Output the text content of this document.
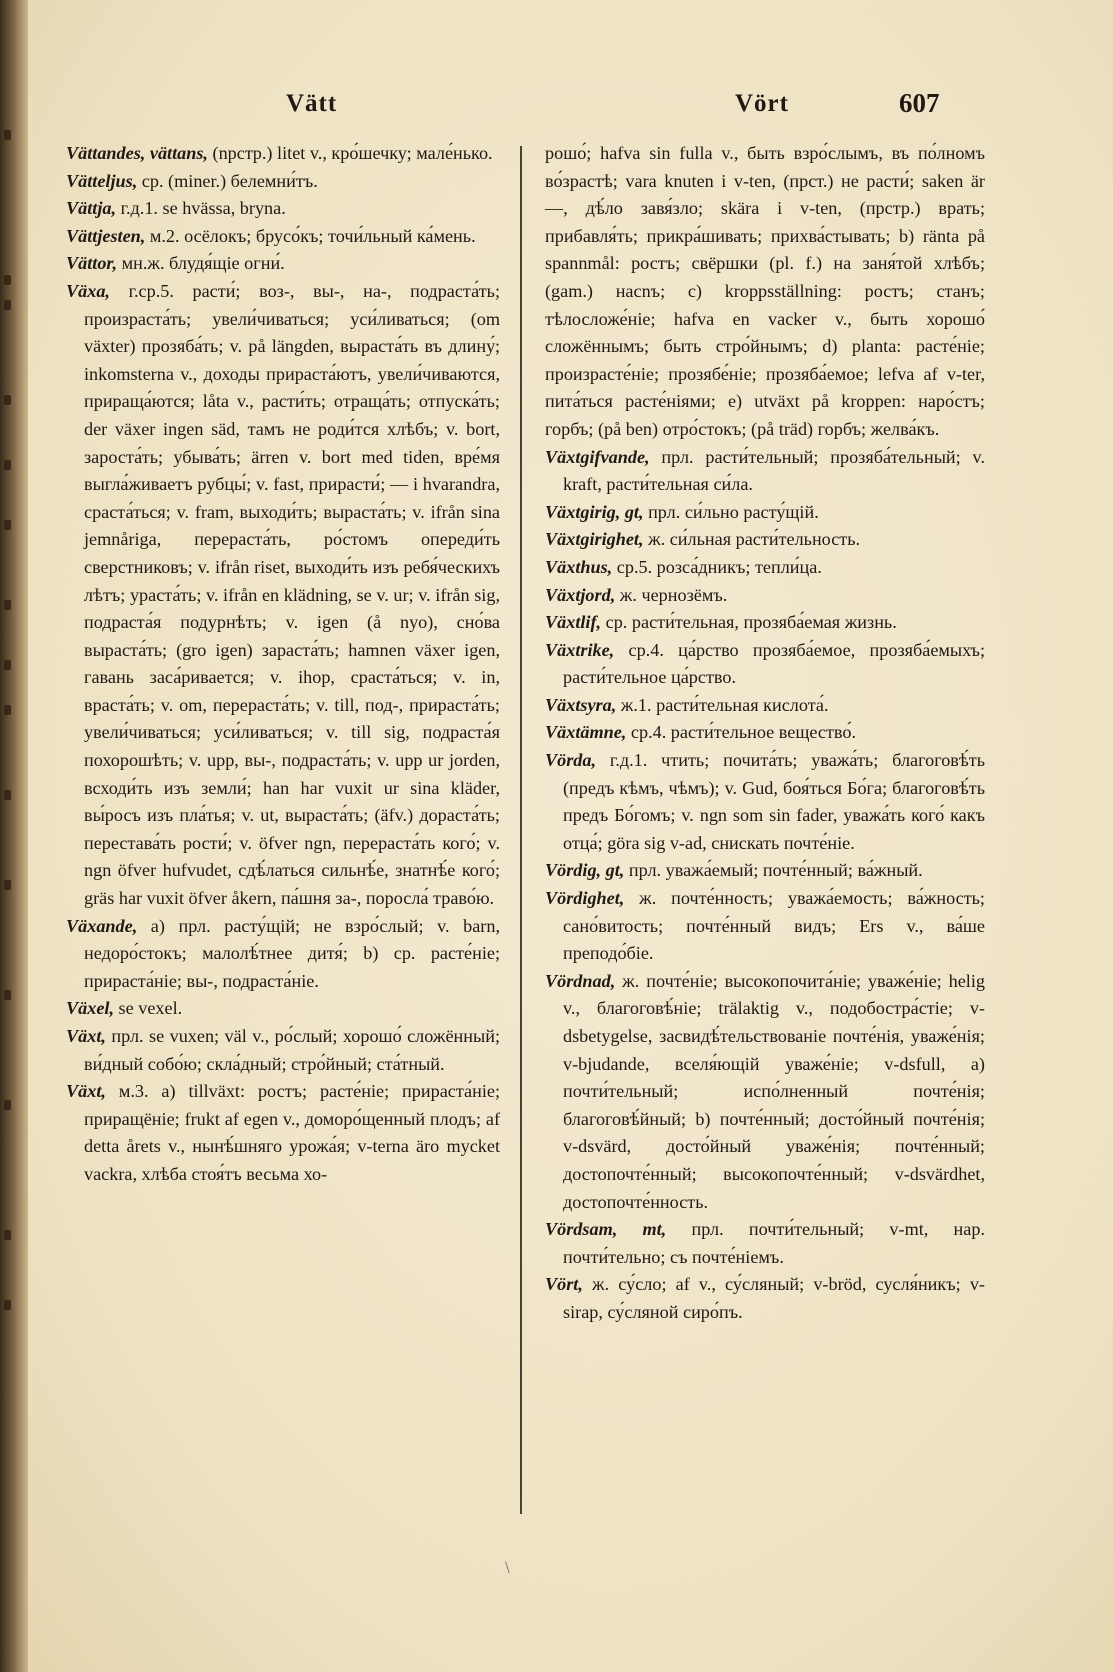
Vätt	Vört	607

Vättandes, vättans, (npстp.) litet v., кро́шечку; мале́нько.

Vätteljus, cp. (miner.) белемни́тъ.

Vättja, г.д.1. se hvässa, bryna.

Vättjesten, м.2. осёлокъ; брусо́къ; точи́льный ка́мень.

Vättor, мн.ж. блудя́щіе огни́.

Växa, г.ср.5. расти́; воз-, вы-, на-, подраста́ть; произраста́ть; увели́чиваться; уси́ливаться; (om växter) прозяба́ть; v. på längden, выраста́ть въ длину́; inkomsterna v., доходы прираста́ютъ, увели́чиваются, прираща́ются; låta v., расти́ть; отраща́ть; отпуска́ть; der växer ingen säd, тамъ не роди́тся хлѣбъ; v. bort, зароста́ть; убыва́ть; ärren v. bort med tiden, вре́мя выгла́живаетъ рубцы́; v. fast, прирасти́; — i hvarandra, сраста́ться; v. fram, выходи́ть; выраста́ть; v. ifrån sina jemnåriga, перераста́ть, ро́стомъ опереди́ть сверстниковъ; v. ifrån riset, выходи́ть изъ ребя́ческихъ лѣтъ; ураста́ть; v. ifrån en klädning, se v. ur; v. ifrån sig, подраста́я подурнѣть; v. igen (å nyo), сно́ва выраста́ть; (gro igen) зараста́ть; hamnen växer igen, гавань заса́ривается; v. ihop, сраста́ться; v. in, враста́ть; v. om, перераста́ть; v. till, под-, прираста́ть; увели́чиваться; уси́ливаться; v. till sig, подраста́я похорошѣть; v. upp, вы-, подраста́ть; v. upp ur jorden, всходи́ть изъ земли́; han har vuxit ur sina kläder, вы́росъ изъ пла́тья; v. ut, выраста́ть; (äfv.) дораста́ть; перестава́ть рости́; v. öfver ngn, перераста́ть кого́; v. ngn öfver hufvudet, сдѣ́латься сильнѣ́е, знатнѣ́е кого́; gräs har vuxit öfver åkern, па́шня за-, поросла́ траво́ю.

Växande, a) прл. расту́щій; не взро́слый; v. barn, недоро́стокъ; малолѣ́тнее дитя́; b) ср. расте́ніе; прираста́ніе; вы-, подраста́ніе.

Växel, se vexel.

Växt, прл. se vuxen; väl v., ро́слый; хорошо́ сложённый; ви́дный собо́ю; скла́дный; стро́йный; ста́тный.

Växt, м.3. a) tillväxt: ростъ; расте́ніе; прираста́ніе; приращёніе; frukt af egen v., доморо́щенный плодъ; af detta årets v., нынѣ́шняго урожа́я; v-terna äro mycket vackra, хлѣба стоя́тъ весьма хо-

рошо́; hafva sin fulla v., быть взро́слымъ, въ по́лномъ во́зрастѣ; vara knuten i v-ten, (прст.) не расти́; saken är —, дѣ́ло завя́зло; skära i v-ten, (прстр.) врать; прибавля́ть; прикра́шивать; прихва́стывать; b) ränta på spannmål: ростъ; свёршки (pl. f.) на заня́той хлѣбъ; (gam.) насnъ; c) kroppsställning: ростъ; станъ; тѣлосложе́ніе; hafva en vacker v., быть хорошо́ сложённымъ; быть стро́йнымъ; d) planta: расте́ніе; произрасте́ніе; прозябе́ніе; прозяба́емое; lefva af v-ter, пита́ться расте́ніями; e) utväxt på kroppen: наро́стъ; горбъ; (på ben) отро́стокъ; (på träd) горбъ; желва́къ.

Växtgifvande, прл. расти́тельный; прозяба́тельный; v. kraft, расти́тельная си́ла.

Växtgirig, gt, прл. си́льно расту́щій.

Växtgirighet, ж. си́льная расти́тельность.

Växthus, ср.5. розса́дникъ; тепли́ца.

Växtjord, ж. чернозёмъ.

Växtlif, ср. расти́тельная, прозяба́емая жизнь.

Växtrike, ср.4. ца́рство прозяба́емое, прозяба́емыхъ; расти́тельное ца́рство.

Växtsyra, ж.1. расти́тельная кислота́.

Växtämne, ср.4. расти́тельное вещество́.

Vörda, г.д.1. чтить; почита́ть; уважа́ть; благоговѣ́ть (предъ кѣмъ, чѣмъ); v. Gud, боя́ться Бо́га; благоговѣ́ть предъ Бо́гомъ; v. ngn som sin fader, уважа́ть кого́ какъ отца́; göra sig v-ad, снискать почте́ніе.

Vördig, gt, прл. уважа́емый; почте́нный; ва́жный.

Vördighet, ж. почте́нность; уважа́емость; ва́жность; сано́витость; почте́нный видъ; Ers v., ва́ше преподо́біе.

Vördnad, ж. почте́ніе; высокопочита́ніе; уваже́ніе; helig v., благоговѣ́ніе; trälaktig v., подобостра́стіе; v-dsbetygelse, засвидѣ́тельствованіе почте́нія, уваже́нія; v-bjudande, вселя́ющій уваже́ніе; v-dsfull, a) почти́тельный; испо́лненный почте́нія; благоговѣ́йный; b) почте́нный; досто́йный почте́нія; v-dsvärd, досто́йный уваже́нія; почте́нный; достопочте́нный; высокопочте́нный; v-dsvärdhet, достопочте́нность.

Vördsam, mt, прл. почти́тельный; v-mt, нар. почти́тельно; съ почте́ніемъ.

Vört, ж. су́сло; af v., су́сляный; v-bröd, сусля́никъ; v-sirap, су́сляной сиро́пъ.

\
